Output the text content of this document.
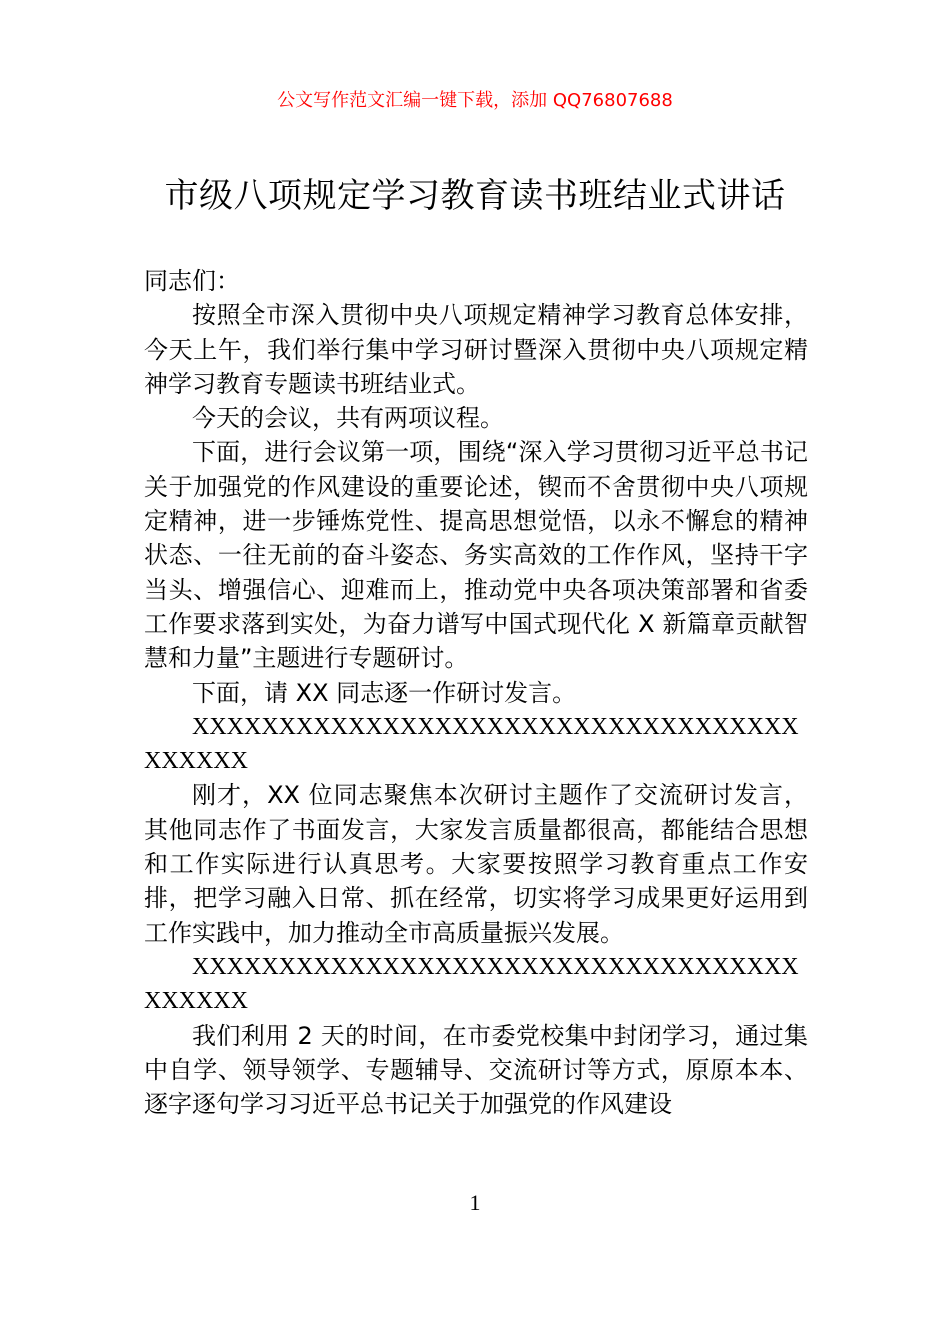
公文写作范文汇编一键下载，添加 QQ76807688
市级八项规定学习教育读书班结业式讲话

同志们：

按照全市深入贯彻中央八项规定精神学习教育总体安排，今天上午，我们举行集中学习研讨暨深入贯彻中央八项规定精神学习教育专题读书班结业式。

今天的会议，共有两项议程。

下面，进行会议第一项，围绕“深入学习贯彻习近平总书记关于加强党的作风建设的重要论述，锲而不舍贯彻中央八项规定精神，进一步锤炼党性、提高思想觉悟，以永不懈怠的精神状态、一往无前的奋斗姿态、务实高效的工作作风，坚持干字当头、增强信心、迎难而上，推动党中央各项决策部署和省委工作要求落到实处，为奋力谱写中国式现代化 X 新篇章贡献智慧和力量”主题进行专题研讨。

下面，请 XX 同志逐一作研讨发言。

XXXXXXXXXXXXXXXXXXXXXXXXXXXXXXXXXXXXXXXXX

刚才，XX 位同志聚焦本次研讨主题作了交流研讨发言，其他同志作了书面发言，大家发言质量都很高，都能结合思想和工作实际进行认真思考。大家要按照学习教育重点工作安排，把学习融入日常、抓在经常，切实将学习成果更好运用到工作实践中，加力推动全市高质量振兴发展。

XXXXXXXXXXXXXXXXXXXXXXXXXXXXXXXXXXXXXXXXX

我们利用 2 天的时间，在市委党校集中封闭学习，通过集中自学、领导领学、专题辅导、交流研讨等方式，原原本本、逐字逐句学习习近平总书记关于加强党的作风建设

1
